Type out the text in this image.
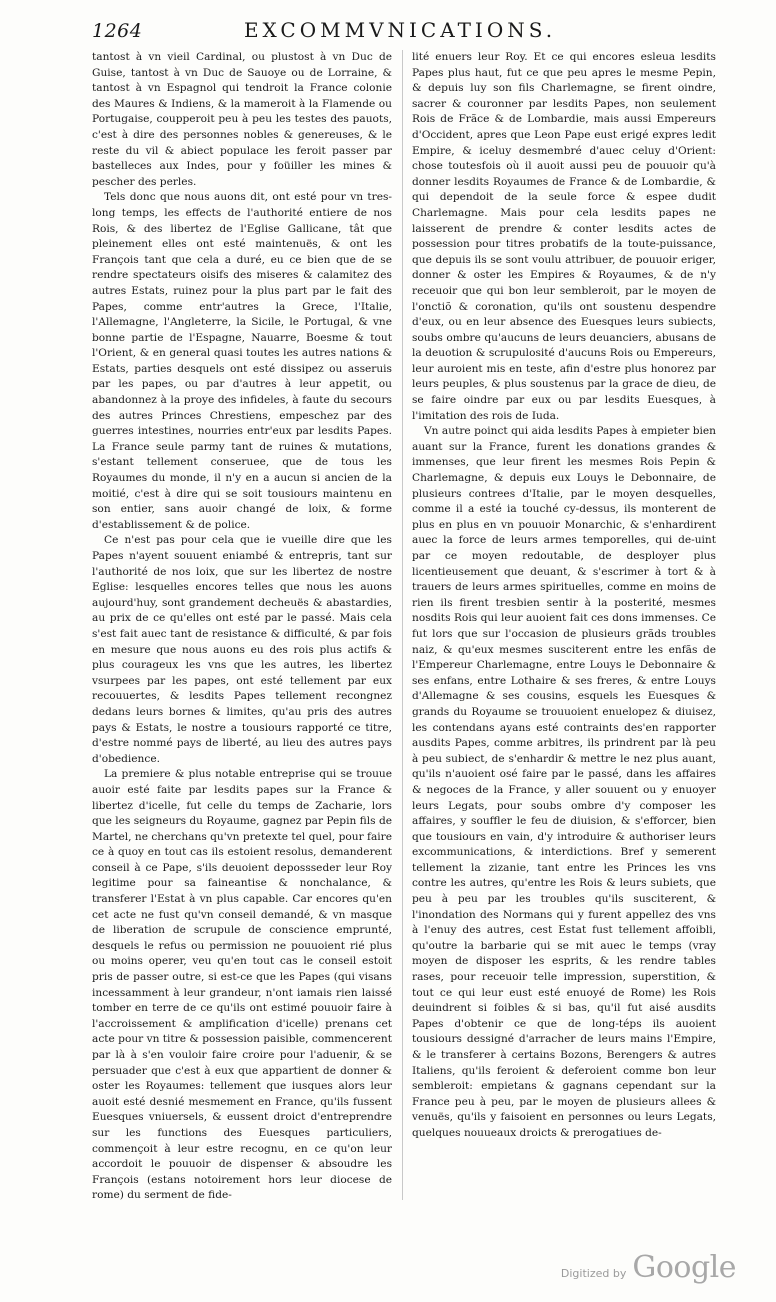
1264	EXCOMMVNICATIONS.

tantost à vn vieil Cardinal, ou plustost à vn Duc de Guise, tantost à vn Duc de Sauoye ou de Lorraine, & tantost à vn Espagnol qui tendroit la France colonie des Maures & Indiens, & la mameroit à la Flamende ou Portugaise, coupperoit peu à peu les testes des pauots, c'est à dire des personnes nobles & genereuses, & le reste du vil & abiect populace les feroit passer par bastelleces aux Indes, pour y foüiller les mines & pescher des perles.

Tels donc que nous auons dit, ont esté pour vn tres-long temps, les effects de l'authorité entiere de nos Rois, & des libertez de l'Eglise Gallicane, tât que pleinement elles ont esté maintenuës, & ont les François tant que cela a duré, eu ce bien que de se rendre spectateurs oisifs des miseres & calamitez des autres Estats, ruinez pour la plus part par le fait des Papes, comme entr'autres la Grece, l'Italie, l'Allemagne, l'Angleterre, la Sicile, le Portugal, & vne bonne partie de l'Espagne, Nauarre, Boesme & tout l'Orient, & en general quasi toutes les autres nations & Estats, parties desquels ont esté dissipez ou asseruis par les papes, ou par d'autres à leur appetit, ou abandonnez à la proye des infideles, à faute du secours des autres Princes Chrestiens, empeschez par des guerres intestines, nourries entr'eux par lesdits Papes. La France seule parmy tant de ruines & mutations, s'estant tellement conseruee, que de tous les Royaumes du monde, il n'y en a aucun si ancien de la moitié, c'est à dire qui se soit tousiours maintenu en son entier, sans auoir changé de loix, & forme d'establissement & de police.

Ce n'est pas pour cela que ie vueille dire que les Papes n'ayent souuent eniambé & entrepris, tant sur l'authorité de nos loix, que sur les libertez de nostre Eglise: lesquelles encores telles que nous les auons aujourd'huy, sont grandement decheuës & abastardies, au prix de ce qu'elles ont esté par le passé. Mais cela s'est fait auec tant de resistance & difficulté, & par fois en mesure que nous auons eu des rois plus actifs & plus courageux les vns que les autres, les libertez vsurpees par les papes, ont esté tellement par eux recouuertes, & lesdits Papes tellement recongnez dedans leurs bornes & limites, qu'au pris des autres pays & Estats, le nostre a tousiours rapporté ce titre, d'estre nommé pays de liberté, au lieu des autres pays d'obedience.

La premiere & plus notable entreprise qui se trouue auoir esté faite par lesdits papes sur la France & libertez d'icelle, fut celle du temps de Zacharie, lors que les seigneurs du Royaume, gagnez par Pepin fils de Martel, ne cherchans qu'vn pretexte tel quel, pour faire ce à quoy en tout cas ils estoient resolus, demanderent conseil à ce Pape, s'ils deuoient depossseder leur Roy legitime pour sa faineantise & nonchalance, & transferer l'Estat à vn plus capable. Car encores qu'en cet acte ne fust qu'vn conseil demandé, & vn masque de liberation de scrupule de conscience emprunté, desquels le refus ou permission ne pouuoient rié plus ou moins operer, veu qu'en tout cas le conseil estoit pris de passer outre, si est-ce que les Papes (qui visans incessamment à leur grandeur, n'ont iamais rien laissé tomber en terre de ce qu'ils ont estimé pouuoir faire à l'accroissement & amplification d'icelle) prenans cet acte pour vn titre & possession paisible, commencerent par là à s'en vouloir faire croire pour l'aduenir, & se persuader que c'est à eux que appartient de donner & oster les Royaumes: tellement que iusques alors leur auoit esté desnié mesmement en France, qu'ils fussent Euesques vniuersels, & eussent droict d'entreprendre sur les functions des Euesques particuliers, commençoit à leur estre recognu, en ce qu'on leur accordoit le pouuoir de dispenser & absoudre les François (estans notoirement hors leur diocese de rome) du serment de fide-

lité enuers leur Roy. Et ce qui encores esleua lesdits Papes plus haut, fut ce que peu apres le mesme Pepin, & depuis luy son fils Charlemagne, se firent oindre, sacrer & couronner par lesdits Papes, non seulement Rois de Frãce & de Lombardie, mais aussi Empereurs d'Occident, apres que Leon Pape eust erigé expres ledit Empire, & iceluy desmembré d'auec celuy d'Orient: chose toutesfois où il auoit aussi peu de pouuoir qu'à donner lesdits Royaumes de France & de Lombardie, & qui dependoit de la seule force & espee dudit Charlemagne. Mais pour cela lesdits papes ne laisserent de prendre & conter lesdits actes de possession pour titres probatifs de la toute-puissance, que depuis ils se sont voulu attribuer, de pouuoir eriger, donner & oster les Empires & Royaumes, & de n'y receuoir que qui bon leur sembleroit, par le moyen de l'onctiõ & coronation, qu'ils ont soustenu despendre d'eux, ou en leur absence des Euesques leurs subiects, soubs ombre qu'aucuns de leurs deuanciers, abusans de la deuotion & scrupulosité d'aucuns Rois ou Empereurs, leur auroient mis en teste, afin d'estre plus honorez par leurs peuples, & plus soustenus par la grace de dieu, de se faire oindre par eux ou par lesdits Euesques, à l'imitation des rois de Iuda.

Vn autre poinct qui aida lesdits Papes à empieter bien auant sur la France, furent les donations grandes & immenses, que leur firent les mesmes Rois Pepin & Charlemagne, & depuis eux Louys le Debonnaire, de plusieurs contrees d'Italie, par le moyen desquelles, comme il a esté ia touché cy-dessus, ils monterent de plus en plus en vn pouuoir Monarchic, & s'enhardirent auec la force de leurs armes temporelles, qui de-uint par ce moyen redoutable, de desployer plus licentieusement que deuant, & s'escrimer à tort & à trauers de leurs armes spirituelles, comme en moins de rien ils firent tresbien sentir à la posterité, mesmes nosdits Rois qui leur auoient fait ces dons immenses. Ce fut lors que sur l'occasion de plusieurs grãds troubles naiz, & qu'eux mesmes susciterent entre les enfãs de l'Empereur Charlemagne, entre Louys le Debonnaire & ses enfans, entre Lothaire & ses freres, & entre Louys d'Allemagne & ses cousins, esquels les Euesques & grands du Royaume se trouuoient enuelopez & diuisez, les contendans ayans esté contraints des'en rapporter ausdits Papes, comme arbitres, ils prindrent par là peu à peu subiect, de s'enhardir & mettre le nez plus auant, qu'ils n'auoient osé faire par le passé, dans les affaires & negoces de la France, y aller souuent ou y enuoyer leurs Legats, pour soubs ombre d'y composer les affaires, y souffler le feu de diuision, & s'efforcer, bien que tousiours en vain, d'y introduire & authoriser leurs excommunications, & interdictions. Bref y semerent tellement la zizanie, tant entre les Princes les vns contre les autres, qu'entre les Rois & leurs subiets, que peu à peu par les troubles qu'ils susciterent, & l'inondation des Normans qui y furent appellez des vns à l'enuy des autres, cest Estat fust tellement affoibli, qu'outre la barbarie qui se mit auec le temps (vray moyen de disposer les esprits, & les rendre tables rases, pour receuoir telle impression, superstition, & tout ce qui leur eust esté enuoyé de Rome) les Rois deuindrent si foibles & si bas, qu'il fut aisé ausdits Papes d'obtenir ce que de long-téps ils auoient tousiours dessigné d'arracher de leurs mains l'Empire, & le transferer à certains Bozons, Berengers & autres Italiens, qu'ils feroient & deferoient comme bon leur sembleroit: empietans & gagnans cependant sur la France peu à peu, par le moyen de plusieurs allees & venuës, qu'ils y faisoient en personnes ou leurs Legats, quelques nouueaux droicts & prerogatiues de-

Digitized by Google
